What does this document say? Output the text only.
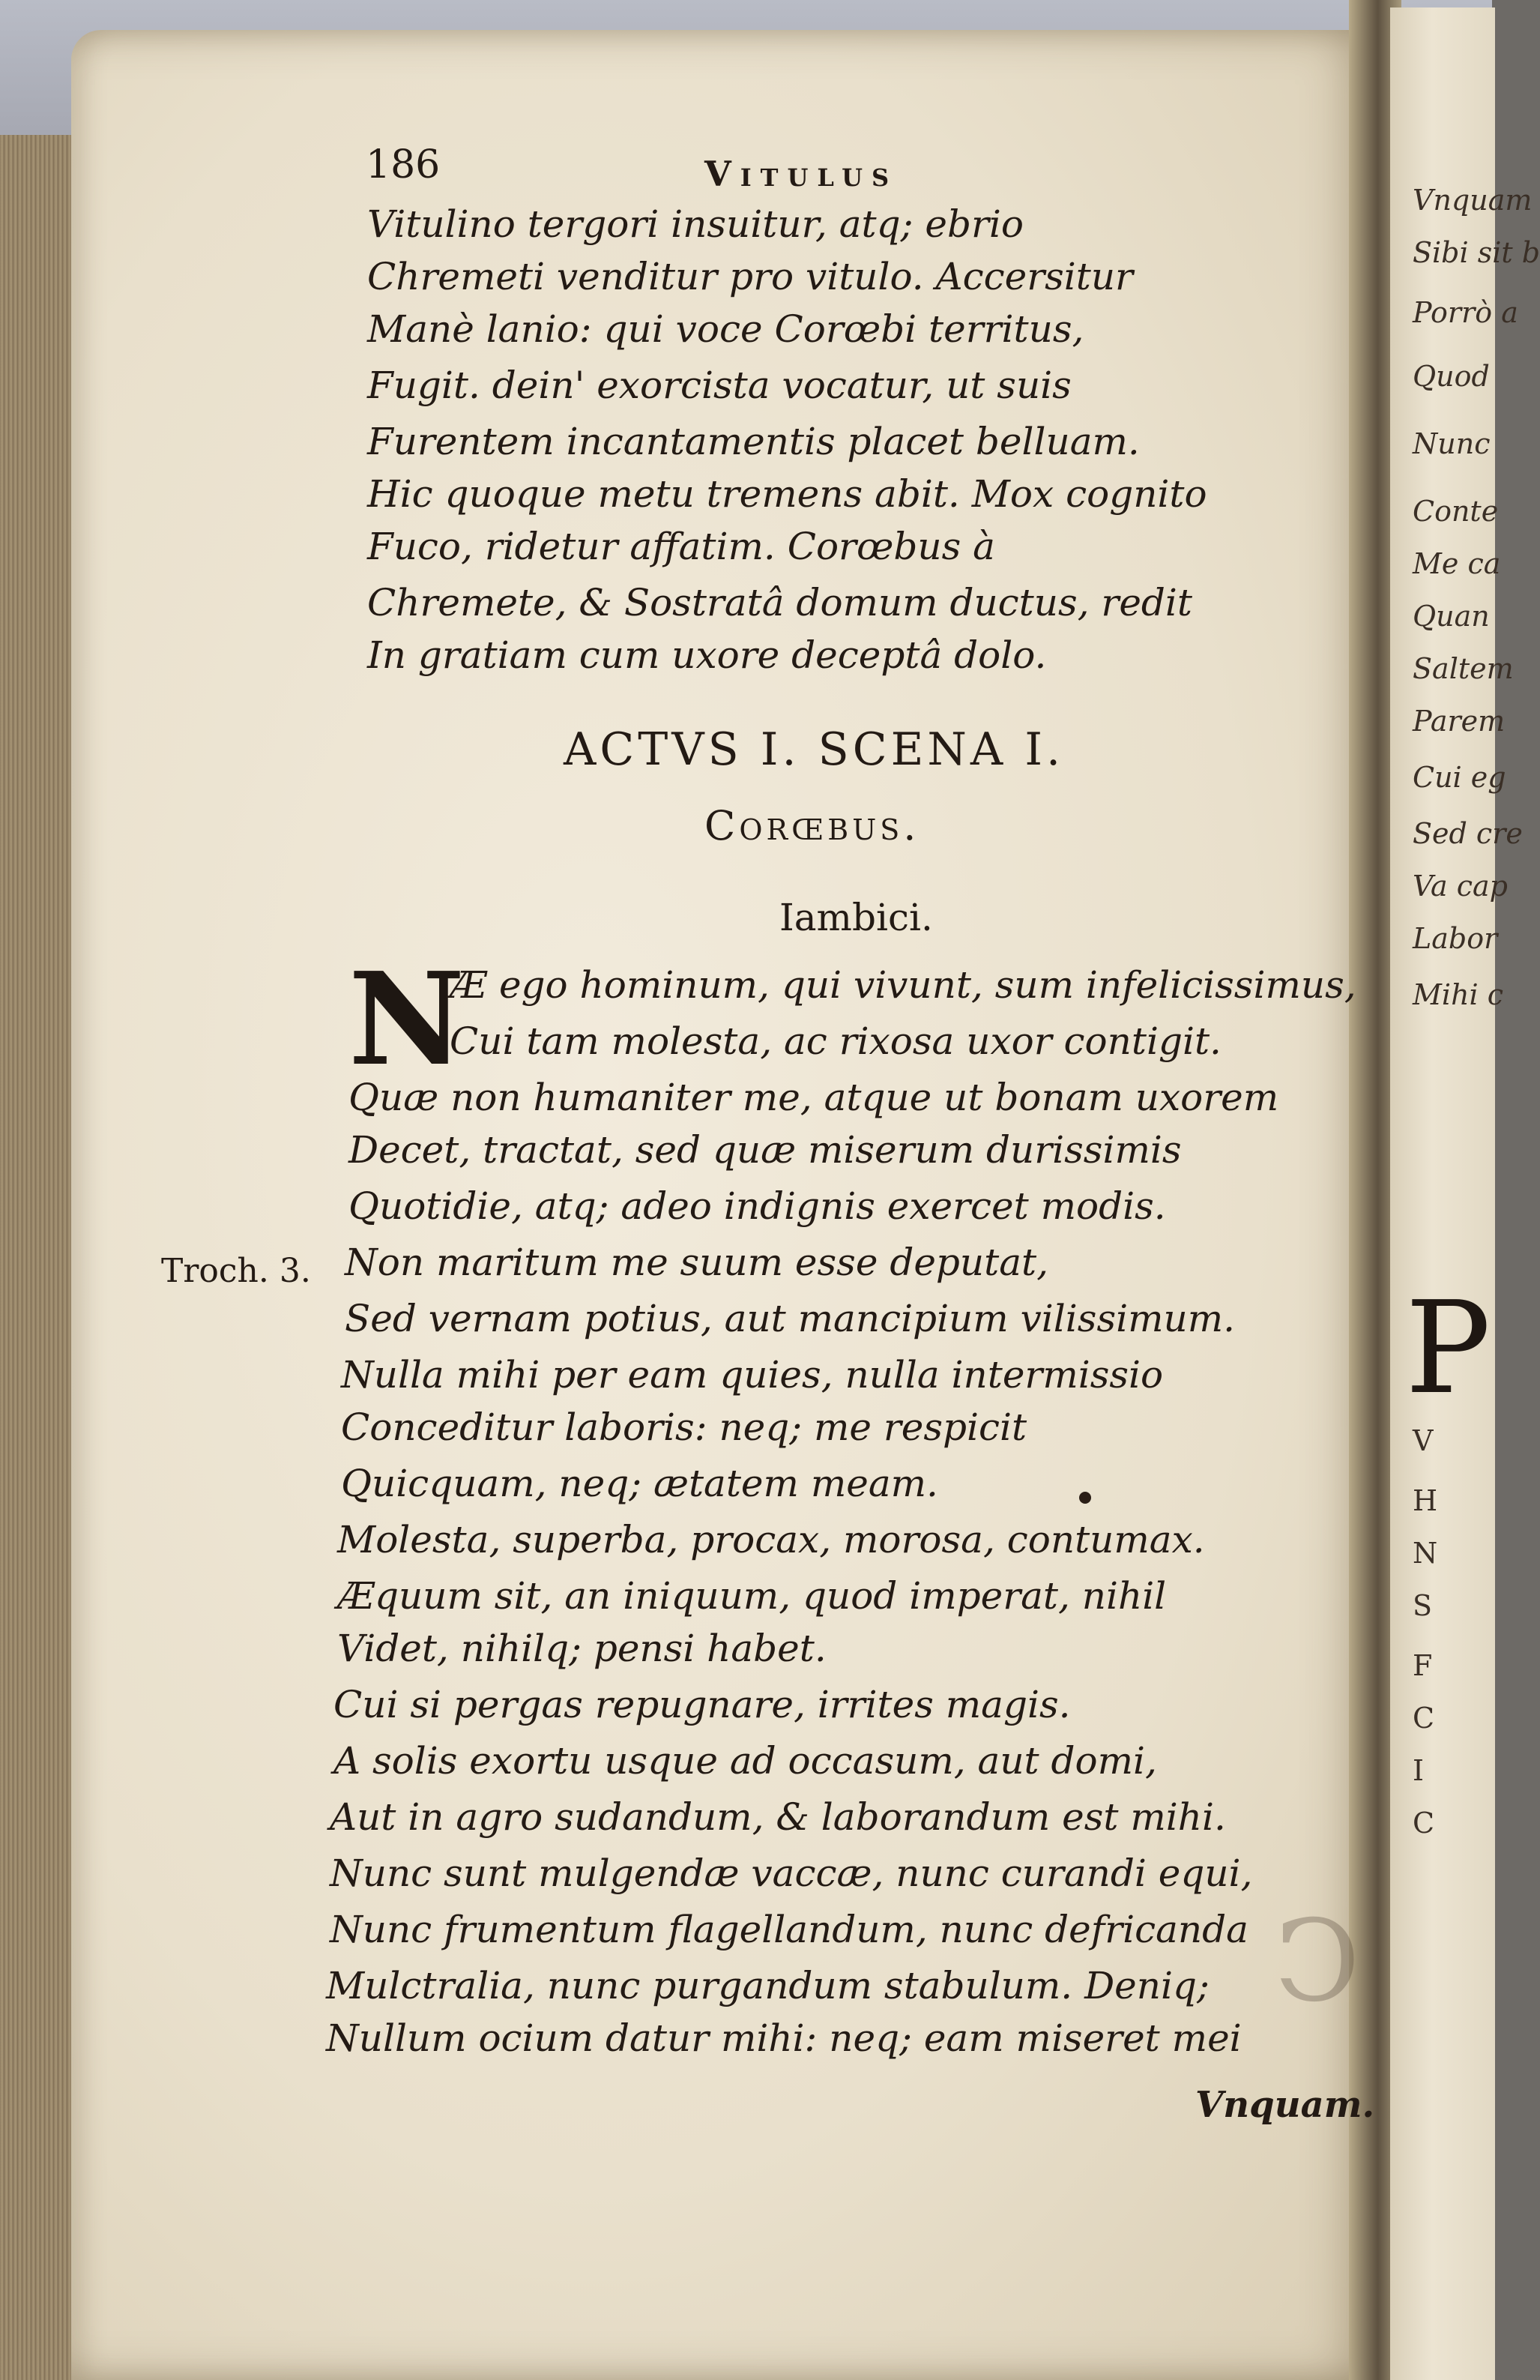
Vnquam
Sibi sit b
Porrò a
Quod
Nunc
Conte
Me ca
Quan
Saltem
Parem
Cui eg
Sed cre
Va cap
Labor
Mihi c
P
V
H
N
S
F
C
I
C
186	Vitulus
Vitulino tergori insuitur, atq; ebrio
Chremeti venditur pro vitulo. Accersitur
Manè lanio: qui voce Corœbi territus,
Fugit. dein' exorcista vocatur, ut suis
Furentem incantamentis placet belluam.
Hic quoque metu tremens abit. Mox cognito
Fuco, ridetur affatim. Corœbus à
Chremete, & Sostratâ domum ductus, redit
In gratiam cum uxore deceptâ dolo.
ACTVS I. SCENA I.
Corœbus.
Iambici.
N
Æ ego hominum, qui vivunt, sum infelicissimus,
Cui tam molesta, ac rixosa uxor contigit.
Quæ non humaniter me, atque ut bonam uxorem
Decet, tractat, sed quæ miserum durissimis
Quotidie, atq; adeo indignis exercet modis.
Non maritum me suum esse deputat,
Sed vernam potius, aut mancipium vilissimum.
Nulla mihi per eam quies, nulla intermissio
Conceditur laboris: neq; me respicit
Quicquam, neq; ætatem meam.
Molesta, superba, procax, morosa, contumax.
Æquum sit, an iniquum, quod imperat, nihil
Videt, nihilq; pensi habet.
Cui si pergas repugnare, irrites magis.
A solis exortu usque ad occasum, aut domi,
Aut in agro sudandum, & laborandum est mihi.
Nunc sunt mulgendæ vaccæ, nunc curandi equi,
Nunc frumentum flagellandum, nunc defricanda
Mulctralia, nunc purgandum stabulum. Deniq;
Nullum ocium datur mihi: neq; eam miseret mei
Troch. 3.
Vnquam.
C
